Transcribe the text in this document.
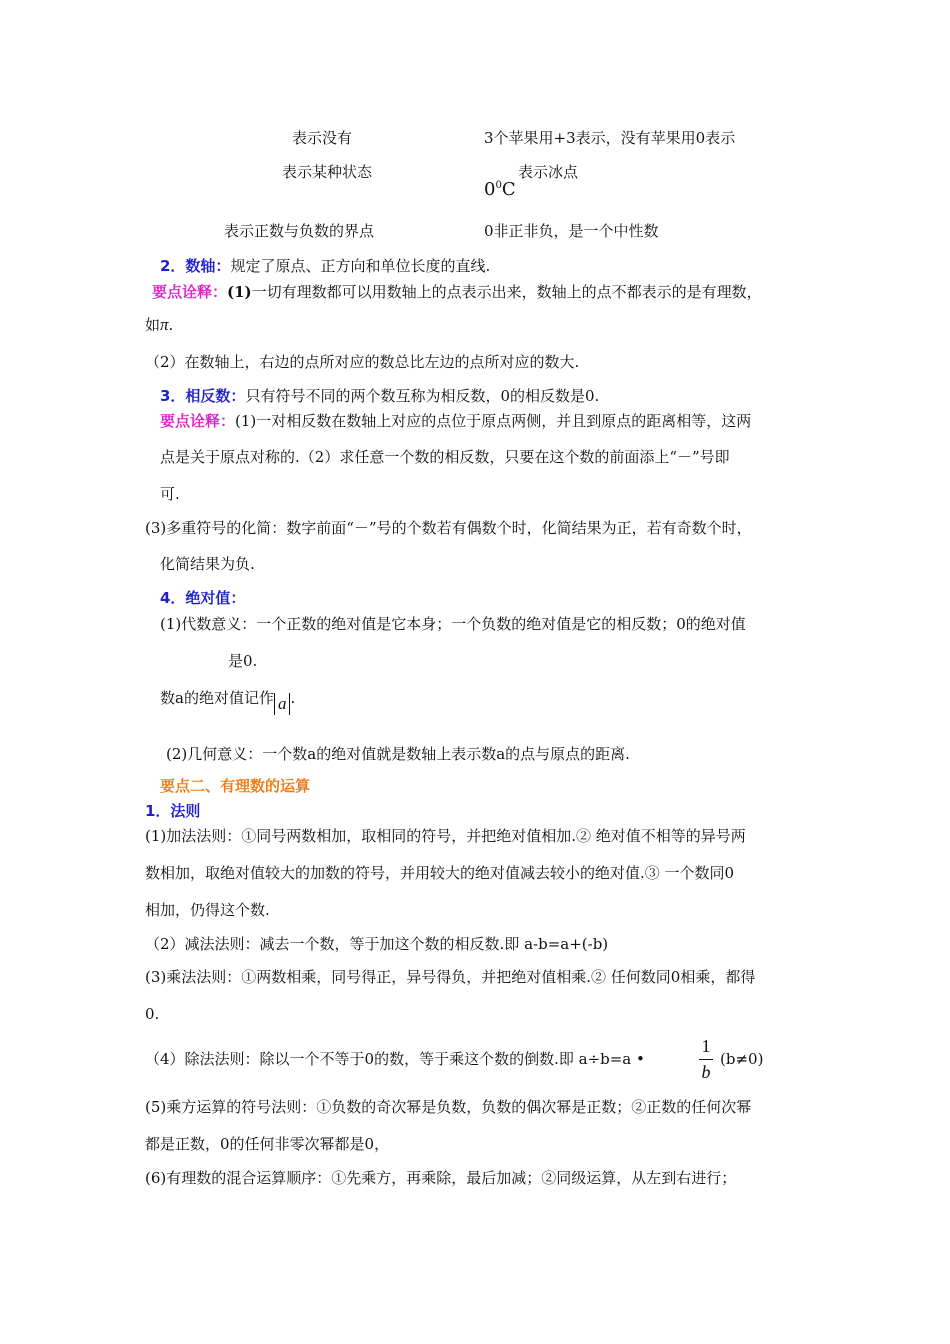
表示没有	3个苹果用+3表示，没有苹果用0表示
表示某种状态
$0^0C$
表示冰点
表示正数与负数的界点	0非正非负，是一个中性数
2．数轴：规定了原点、正方向和单位长度的直线.
要点诠释：(1)一切有理数都可以用数轴上的点表示出来，数轴上的点不都表示的是有理数，
如π.
（2）在数轴上，右边的点所对应的数总比左边的点所对应的数大.
3．相反数：只有符号不同的两个数互称为相反数，0的相反数是0.
要点诠释：(1)一对相反数在数轴上对应的点位于原点两侧，并且到原点的距离相等，这两
点是关于原点对称的.（2）求任意一个数的相反数，只要在这个数的前面添上“－”号即
可.
(3)多重符号的化简：数字前面“－”号的个数若有偶数个时，化简结果为正，若有奇数个时，
化简结果为负.
4．绝对值：
(1)代数意义：一个正数的绝对值是它本身；一个负数的绝对值是它的相反数；0的绝对值
是0.
数a的绝对值记作 a .
(2)几何意义：一个数a的绝对值就是数轴上表示数a的点与原点的距离.
要点二、有理数的运算
1．法则
(1)加法法则：①同号两数相加，取相同的符号，并把绝对值相加.② 绝对值不相等的异号两
数相加，取绝对值较大的加数的符号，并用较大的绝对值减去较小的绝对值.③ 一个数同0
相加，仍得这个数.
（2）减法法则：减去一个数，等于加这个数的相反数.即 a-b=a+(-b)
(3)乘法法则：①两数相乘，同号得正，异号得负，并把绝对值相乘.② 任何数同0相乘，都得
0.
（4）除法法则：除以一个不等于0的数，等于乘这个数的倒数.即 a÷b=a •
1
b
(b≠0)
(5)乘方运算的符号法则：①负数的奇次幂是负数，负数的偶次幂是正数；②正数的任何次幂
都是正数，0的任何非零次幂都是0，
(6)有理数的混合运算顺序：①先乘方，再乘除，最后加减；②同级运算，从左到右进行；
